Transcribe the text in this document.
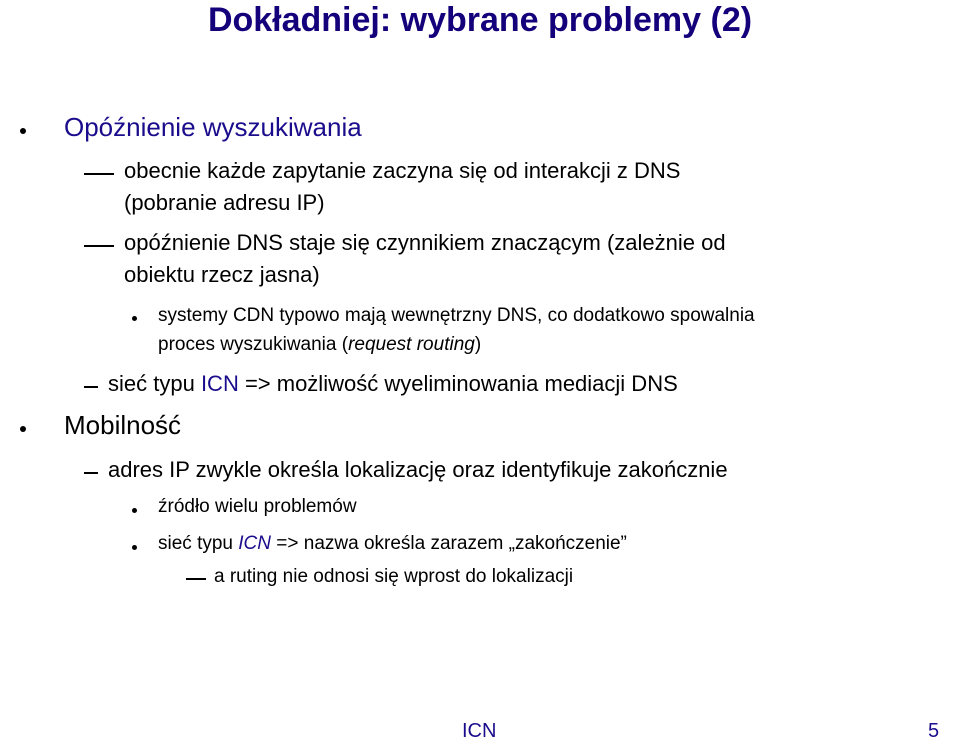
Dokładniej: wybrane problemy (2)
Opóźnienie wyszukiwania
obecnie każde zapytanie zaczyna się od interakcji z DNS
(pobranie adresu IP)
opóźnienie DNS staje się czynnikiem znaczącym (zależnie od
obiektu rzecz jasna)
systemy CDN typowo mają wewnętrzny DNS, co dodatkowo spowalnia
proces wyszukiwania (request routing)
sieć typu ICN => możliwość wyeliminowania mediacji DNS
Mobilność
adres IP zwykle określa lokalizację oraz identyfikuje zakończnie
źródło wielu problemów
sieć typu ICN => nazwa określa zarazem „zakończenie”
a ruting nie odnosi się wprost do lokalizacji
ICN	5
